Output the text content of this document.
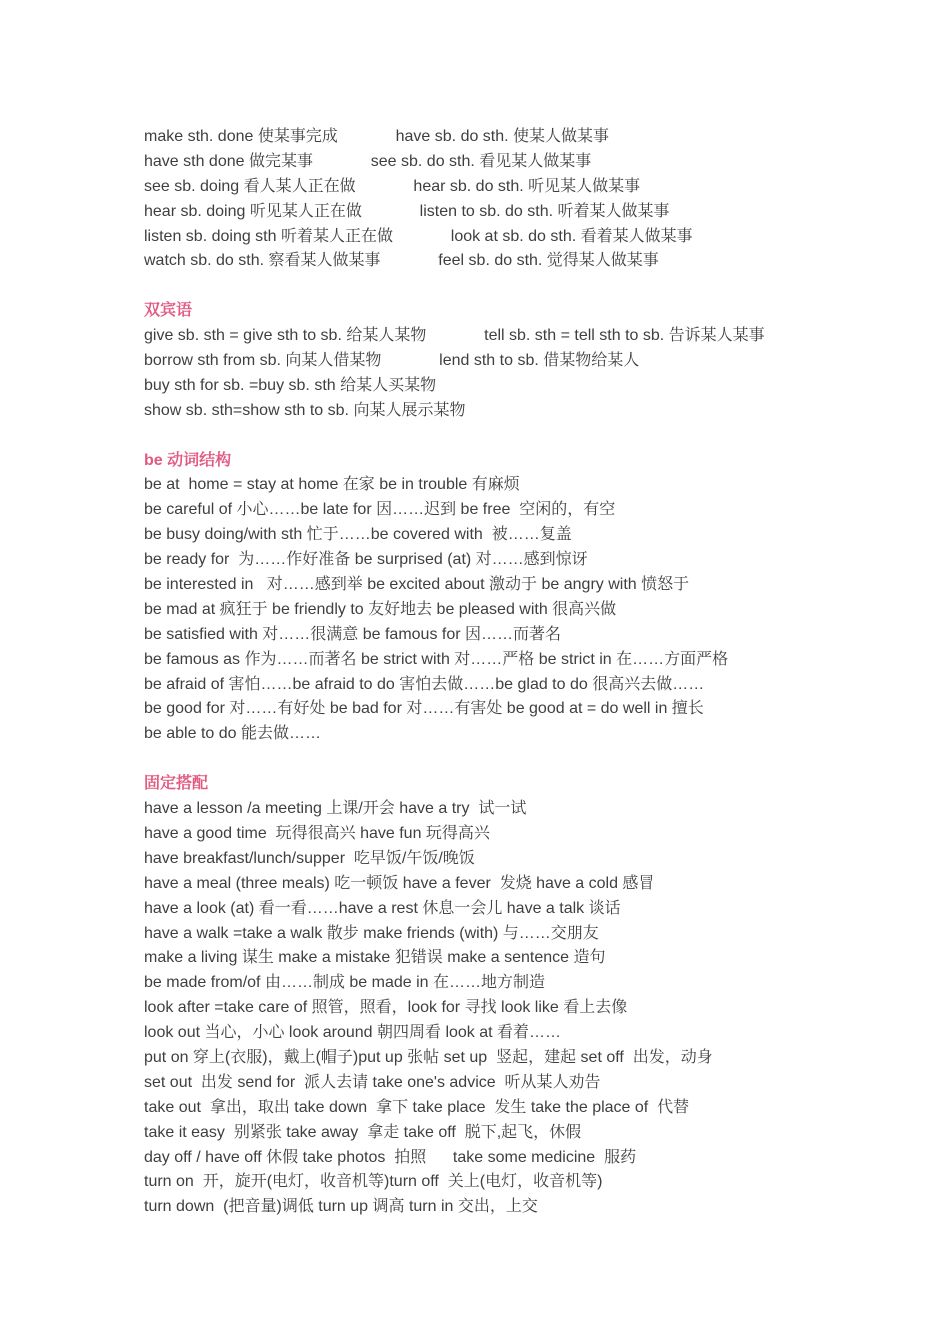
make sth. done 使某事完成             have sb. do sth. 使某人做某事
have sth done 做完某事             see sb. do sth. 看见某人做某事
see sb. doing 看人某人正在做             hear sb. do sth. 听见某人做某事
hear sb. doing 听见某人正在做             listen to sb. do sth. 听着某人做某事
listen sb. doing sth 听着某人正在做             look at sb. do sth. 看着某人做某事
watch sb. do sth. 察看某人做某事             feel sb. do sth. 觉得某人做某事
双宾语
give sb. sth = give sth to sb. 给某人某物             tell sb. sth = tell sth to sb. 告诉某人某事
borrow sth from sb. 向某人借某物             lend sth to sb. 借某物给某人
buy sth for sb. =buy sb. sth 给某人买某物
show sb. sth=show sth to sb. 向某人展示某物
be 动词结构
be at  home = stay at home 在家 be in trouble 有麻烦
be careful of 小心……be late for 因……迟到 be free  空闲的，有空
be busy doing/with sth 忙于……be covered with  被……复盖
be ready for  为……作好准备 be surprised (at) 对……感到惊讶
be interested in   对……感到举 be excited about 激动于 be angry with 愤怒于
be mad at 疯狂于 be friendly to 友好地去 be pleased with 很高兴做
be satisfied with 对……很满意 be famous for 因……而著名
be famous as 作为……而著名 be strict with 对……严格 be strict in 在……方面严格
be afraid of 害怕……be afraid to do 害怕去做……be glad to do 很高兴去做……
be good for 对……有好处 be bad for 对……有害处 be good at = do well in 擅长
be able to do 能去做……
固定搭配
have a lesson /a meeting 上课/开会 have a try  试一试
have a good time  玩得很高兴 have fun 玩得高兴
have breakfast/lunch/supper  吃早饭/午饭/晚饭
have a meal (three meals) 吃一顿饭 have a fever  发烧 have a cold 感冒
have a look (at) 看一看……have a rest 休息一会儿 have a talk 谈话
have a walk =take a walk 散步 make friends (with) 与……交朋友
make a living 谋生 make a mistake 犯错误 make a sentence 造句
be made from/of 由……制成 be made in 在……地方制造
look after =take care of 照管，照看，look for 寻找 look like 看上去像
look out 当心，小心 look around 朝四周看 look at 看着……
put on 穿上(衣服)，戴上(帽子)put up 张帖 set up  竖起，建起 set off  出发，动身
set out  出发 send for  派人去请 take one's advice  听从某人劝告
take out  拿出，取出 take down  拿下 take place  发生 take the place of  代替
take it easy  别紧张 take away  拿走 take off  脱下,起飞，休假
day off / have off 休假 take photos  拍照      take some medicine  服药
turn on  开，旋开(电灯，收音机等)turn off  关上(电灯，收音机等)
turn down  (把音量)调低 turn up 调高 turn in 交出，上交
